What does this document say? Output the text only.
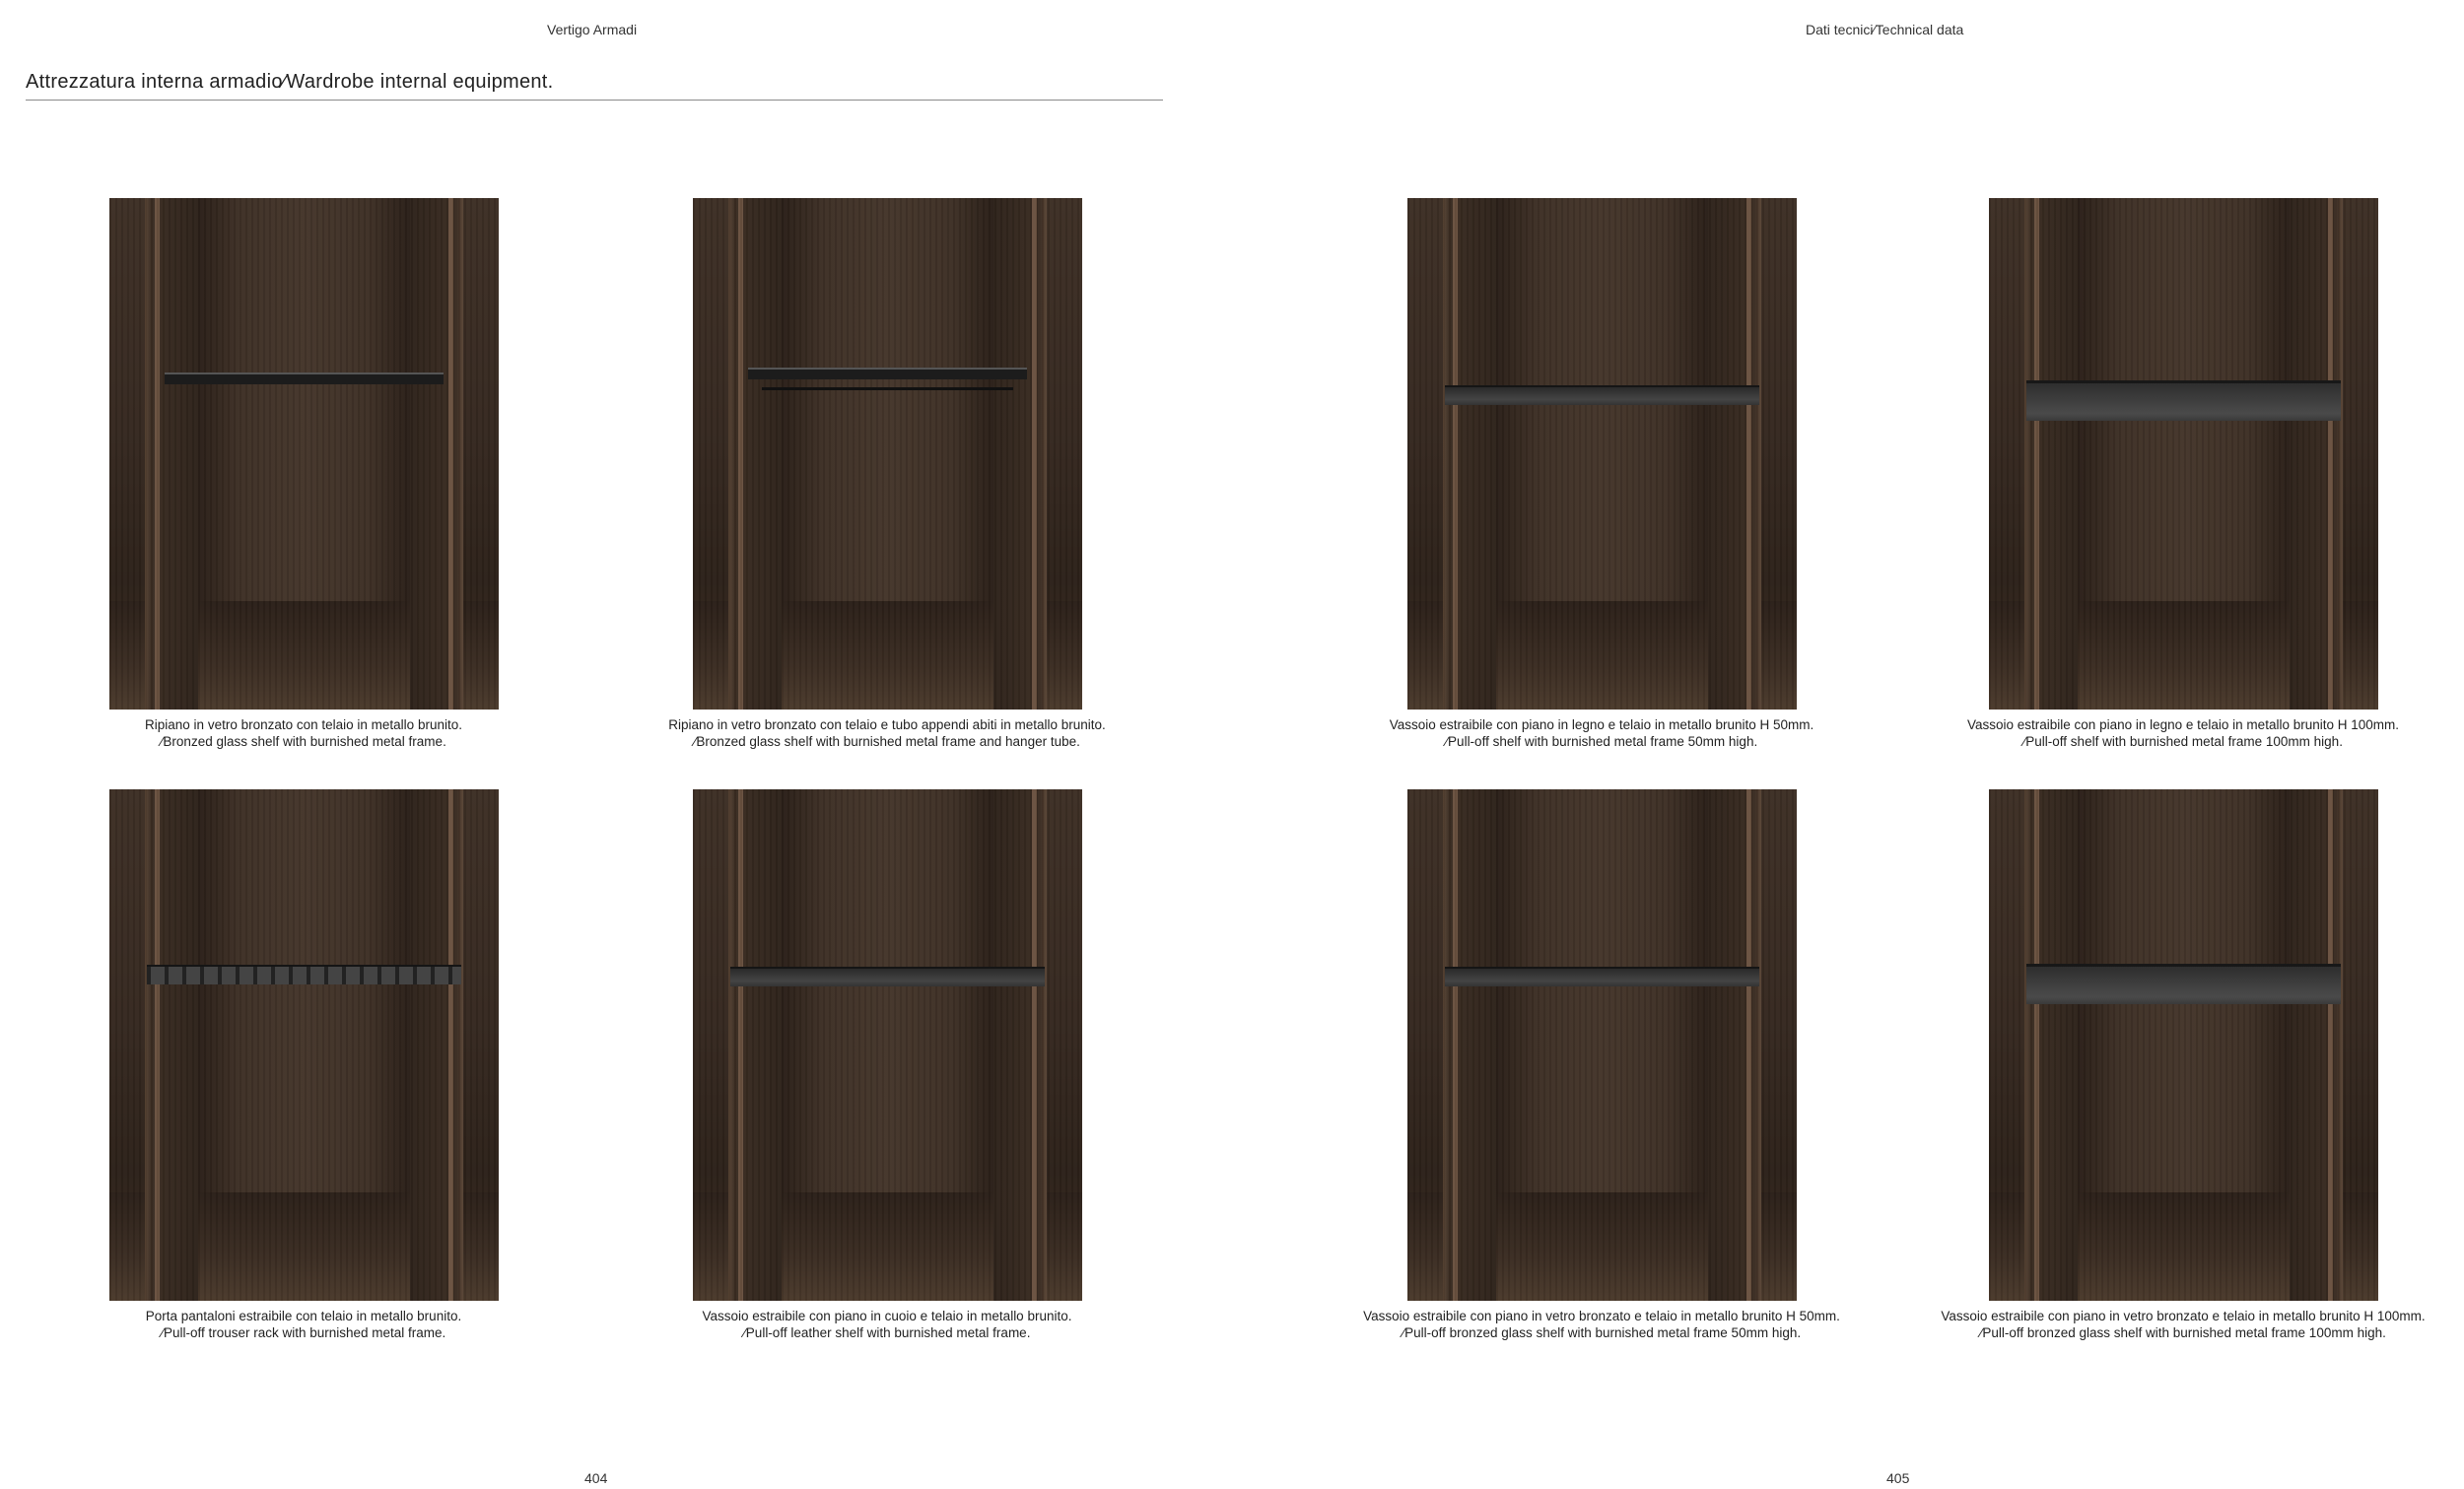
Vertigo Armadi	Dati tecnici∕Technical data
Attrezzatura interna armadio∕Wardrobe internal equipment.
Ripiano in vetro bronzato con telaio in metallo brunito.
∕Bronzed glass shelf with burnished metal frame.
Ripiano in vetro bronzato con telaio e tubo appendi abiti in metallo brunito.
∕Bronzed glass shelf with burnished metal frame and hanger tube.
Vassoio estraibile con piano in legno e telaio in metallo brunito H 50mm.
∕Pull-off shelf with burnished metal frame 50mm high.
Vassoio estraibile con piano in legno e telaio in metallo brunito H 100mm.
∕Pull-off shelf with burnished metal frame 100mm high.
Porta pantaloni estraibile con telaio in metallo brunito.
∕Pull-off trouser rack with burnished metal frame.
Vassoio estraibile con piano in cuoio e telaio in metallo brunito.
∕Pull-off leather shelf with burnished metal frame.
Vassoio estraibile con piano in vetro bronzato e telaio in metallo brunito H 50mm.
∕Pull-off bronzed glass shelf with burnished metal frame 50mm high.
Vassoio estraibile con piano in vetro bronzato e telaio in metallo brunito H 100mm.
∕Pull-off bronzed glass shelf with burnished metal frame 100mm high.
404	405
